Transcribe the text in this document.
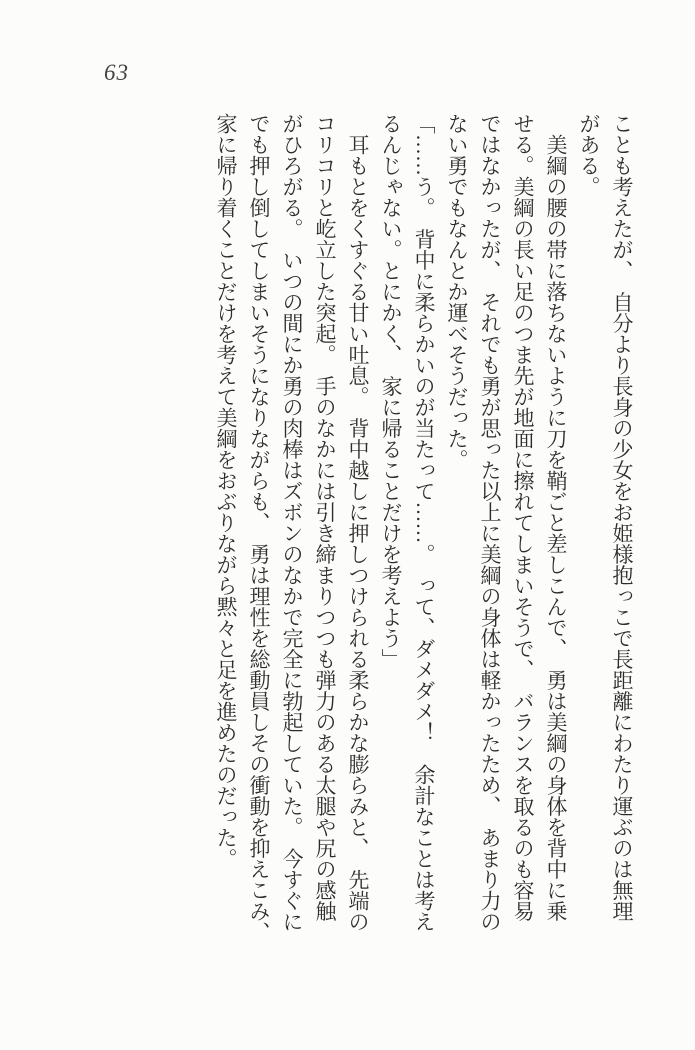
63

ことも考えたが、　自分より長身の少女をお姫様抱っこで長距離にわたり運ぶのは無理

がある。

　美綱の腰の帯に落ちないように刀を鞘ごと差しこんで、　勇は美綱の身体を背中に乗

せる。美綱の長い足のつま先が地面に擦れてしまいそうで、　バランスを取るのも容易

ではなかったが、　それでも勇が思った以上に美綱の身体は軽かったため、　あまり力の

ない勇でもなんとか運べそうだった。

「……う。　背中に柔らかいのが当たって……。　って、ダメダメ！　余計なことは考え

るんじゃない。とにかく、　家に帰ることだけを考えよう」

　耳もとをくすぐる甘い吐息。　背中越しに押しつけられる柔らかな膨らみと、　先端の

コリコリと屹立した突起。　手のなかには引き締まりつつも弾力のある太腿や尻の感触

がひろがる。　いつの間にか勇の肉棒はズボンのなかで完全に勃起していた。　今すぐに

でも押し倒してしまいそうになりながらも、　勇は理性を総動員しその衝動を抑えこみ、

家に帰り着くことだけを考えて美綱をおぶりながら黙々と足を進めたのだった。
